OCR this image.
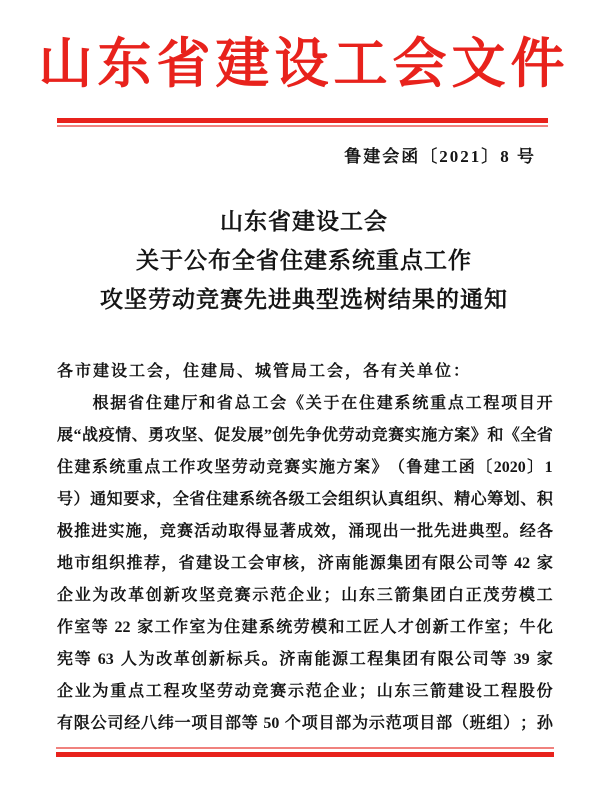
山东省建设工会文件
鲁建会函〔2021〕8 号
山东省建设工会
关于公布全省住建系统重点工作
攻坚劳动竞赛先进典型选树结果的通知
各市建设工会，住建局、城管局工会，各有关单位：

根 据 省 住 建 厅 和 省 总 工 会 《 关 于 在 住 建 系 统 重 点 工 程 项 目 开
展 “ 战 疫 情 、 勇 攻 坚 、 促 发 展 ” 创 先 争 优 劳 动 竞 赛 实 施 方 案 》 和 《 全 省
住 建 系 统 重 点 工 作 攻 坚 劳 动 竞 赛 实 施 方 案 》 （ 鲁 建 工 函 〔 2020 〕 1
号 ） 通 知 要 求 ， 全 省 住 建 系 统 各 级 工 会 组 织 认 真 组 织 、 精 心 筹 划 、 积
极 推 进 实 施 ， 竞 赛 活 动 取 得 显 著 成 效 ， 涌 现 出 一 批 先 进 典 型 。 经 各
地 市 组 织 推 荐 ， 省 建 设 工 会 审 核 ， 济 南 能 源 集 团 有 限 公 司 等
42
家
企 业 为 改 革 创 新 攻 坚 竞 赛 示 范 企 业 ； 山 东 三 箭 集 团 白 正 茂 劳 模 工
作 室 等
22
家 工 作 室 为 住 建 系 统 劳 模 和 工 匠 人 才 创 新 工 作 室 ； 牛 化
宪 等
63
人 为 改 革 创 新 标 兵 。 济 南 能 源 工 程 集 团 有 限 公 司 等
39
家
企 业 为 重 点 工 程 攻 坚 劳 动 竞 赛 示 范 企 业 ； 山 东 三 箭 建 设 工 程 股 份
有 限 公 司 经 八 纬 一 项 目 部 等
50
个 项 目 部 为 示 范 项 目 部 （ 班 组 ） ； 孙
